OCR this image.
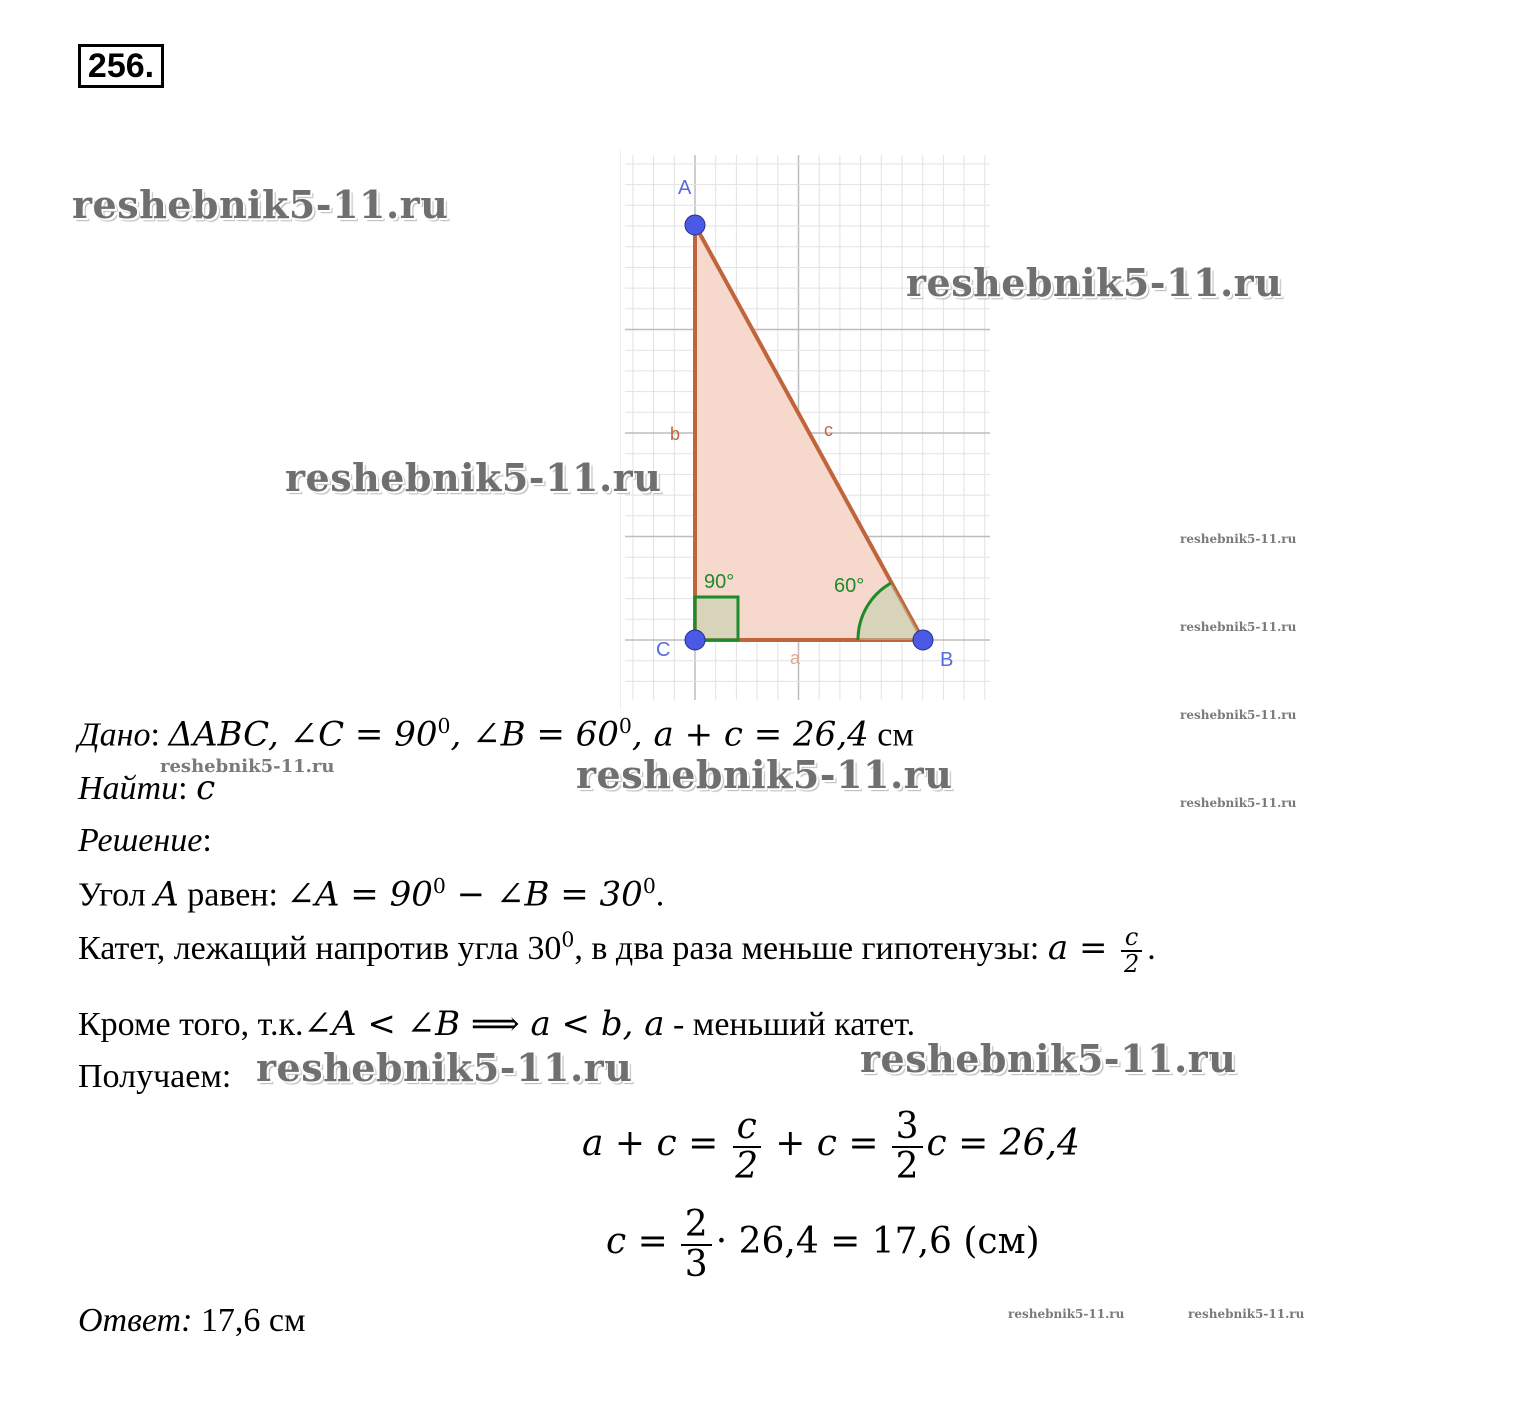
256.
A
B
C
b	c
a
90°	60°
reshebnik5-11.ru
reshebnik5-11.ru
reshebnik5-11.ru
reshebnik5-11.ru
reshebnik5-11.ru	reshebnik5-11.ru
reshebnik5-11.ru
reshebnik5-11.ru
reshebnik5-11.ru
reshebnik5-11.ru
reshebnik5-11.ru	reshebnik5-11.ru
reshebnik5-11.ru
Дано: ΔABC, ∠C = $90^0$, ∠B = $60^0$, a + c = 26,4 см
Найти: c
Решение:
Угол A равен: ∠A = $90^0$ − ∠B = $30^0$.
Катет, лежащий напротив угла $30^0$, в два раза меньше гипотенузы: $a = \frac{c}{2}$ .
Кроме того, т.к.∠A < ∠B ⟹ a < b, a - меньший катет.
Получаем:
$a + c = \frac{c}{2} + c = \frac{3}{2}$ c = 26,4
$c = \frac{2}{3} \cdot 26,4 = 17,6$ (см)
Ответ: 17,6 см
